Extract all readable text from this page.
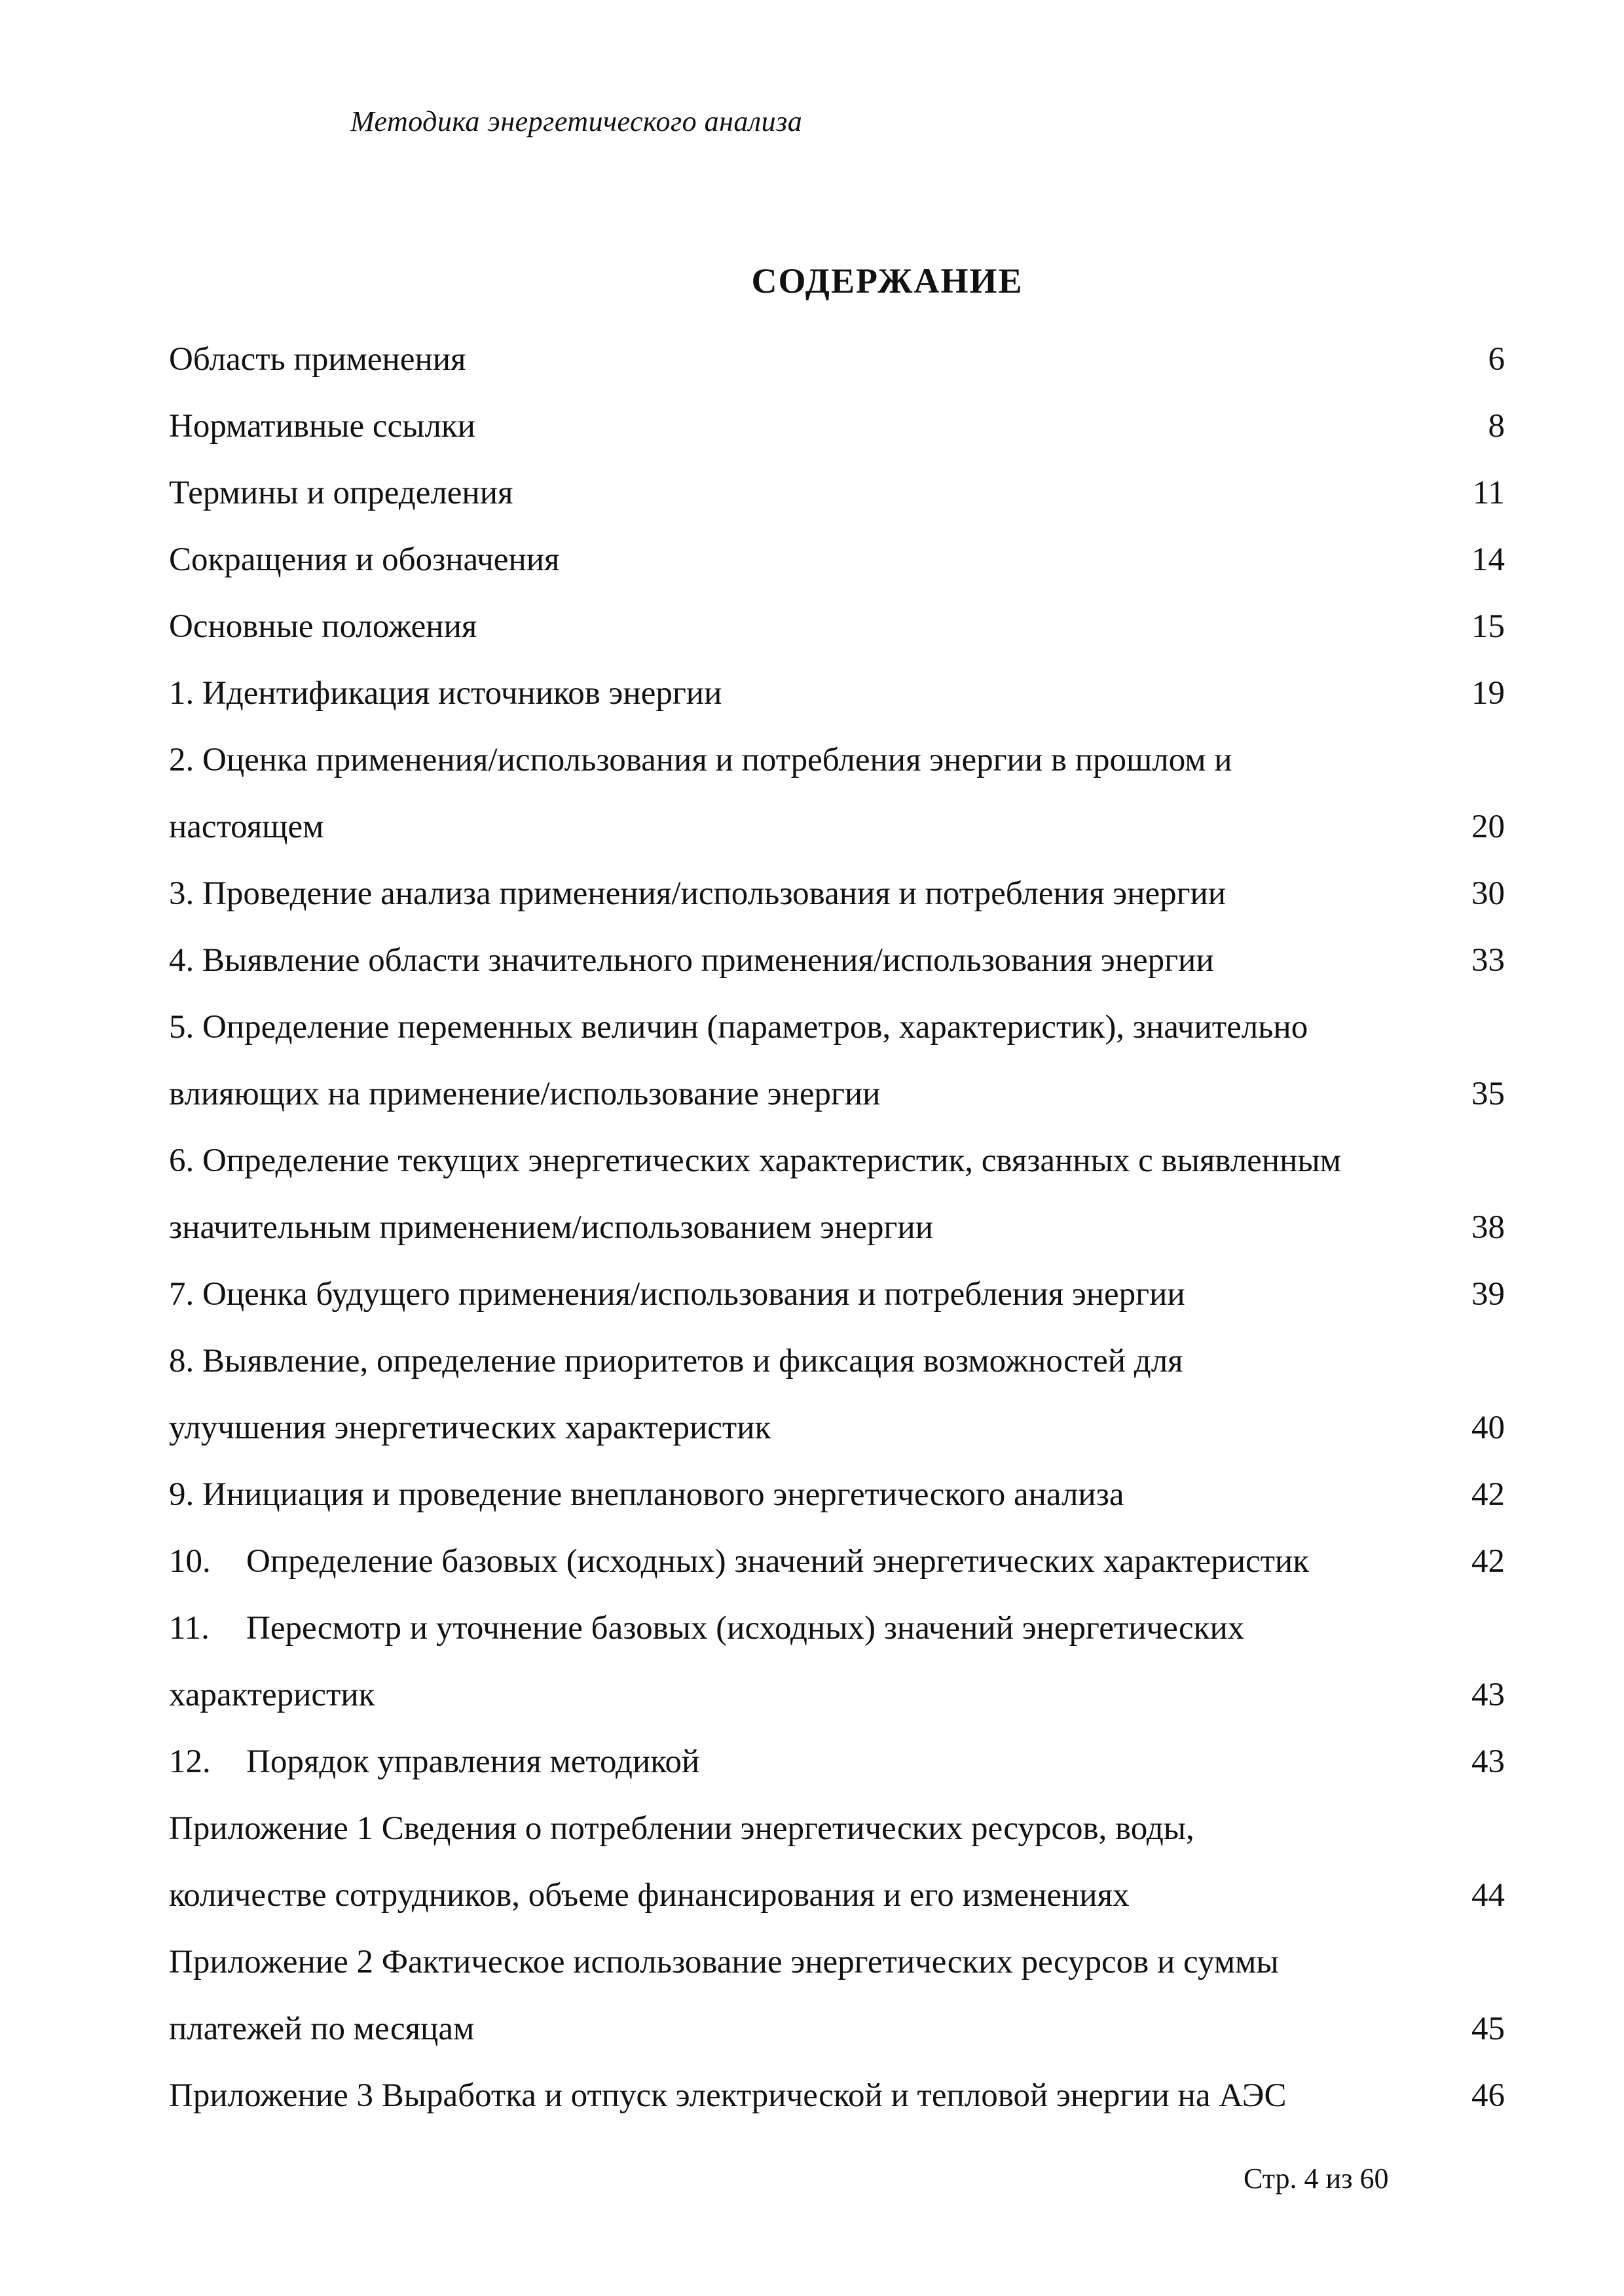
Методика энергетического анализа
СОДЕРЖАНИЕ
Область применения .....	6
Нормативные ссылки .....	8
Термины и определения .....	11
Сокращения и обозначения .....	14
Основные положения .....	15
1. Идентификация источников энергии .....	19
2. Оценка применения/использования и потребления энергии в прошлом и
настоящем .....	20
3. Проведение анализа применения/использования и потребления энергии .....	30
4. Выявление области значительного применения/использования энергии .....	33
5. Определение переменных величин (параметров, характеристик), значительно
влияющих на применение/использование энергии .....	35
6. Определение текущих энергетических характеристик, связанных с выявленным
значительным применением/использованием энергии .....	38
7. Оценка будущего применения/использования и потребления энергии .....	39
8. Выявление, определение приоритетов и фиксация возможностей для
улучшения энергетических характеристик .....	40
9. Инициация и проведение внепланового энергетического анализа .....	42
10.	Определение базовых (исходных) значений энергетических характеристик	42
11.	Пересмотр и уточнение базовых (исходных) значений энергетических
характеристик .....	43
12.	Порядок управления методикой .....	43
Приложение 1 Сведения о потреблении энергетических ресурсов, воды,
количестве сотрудников, объеме финансирования и его изменениях .....	44
Приложение 2 Фактическое использование энергетических ресурсов и суммы
платежей по месяцам .....	45
Приложение 3 Выработка и отпуск электрической и тепловой энергии на АЭС .....	46
Стр. 4 из 60
